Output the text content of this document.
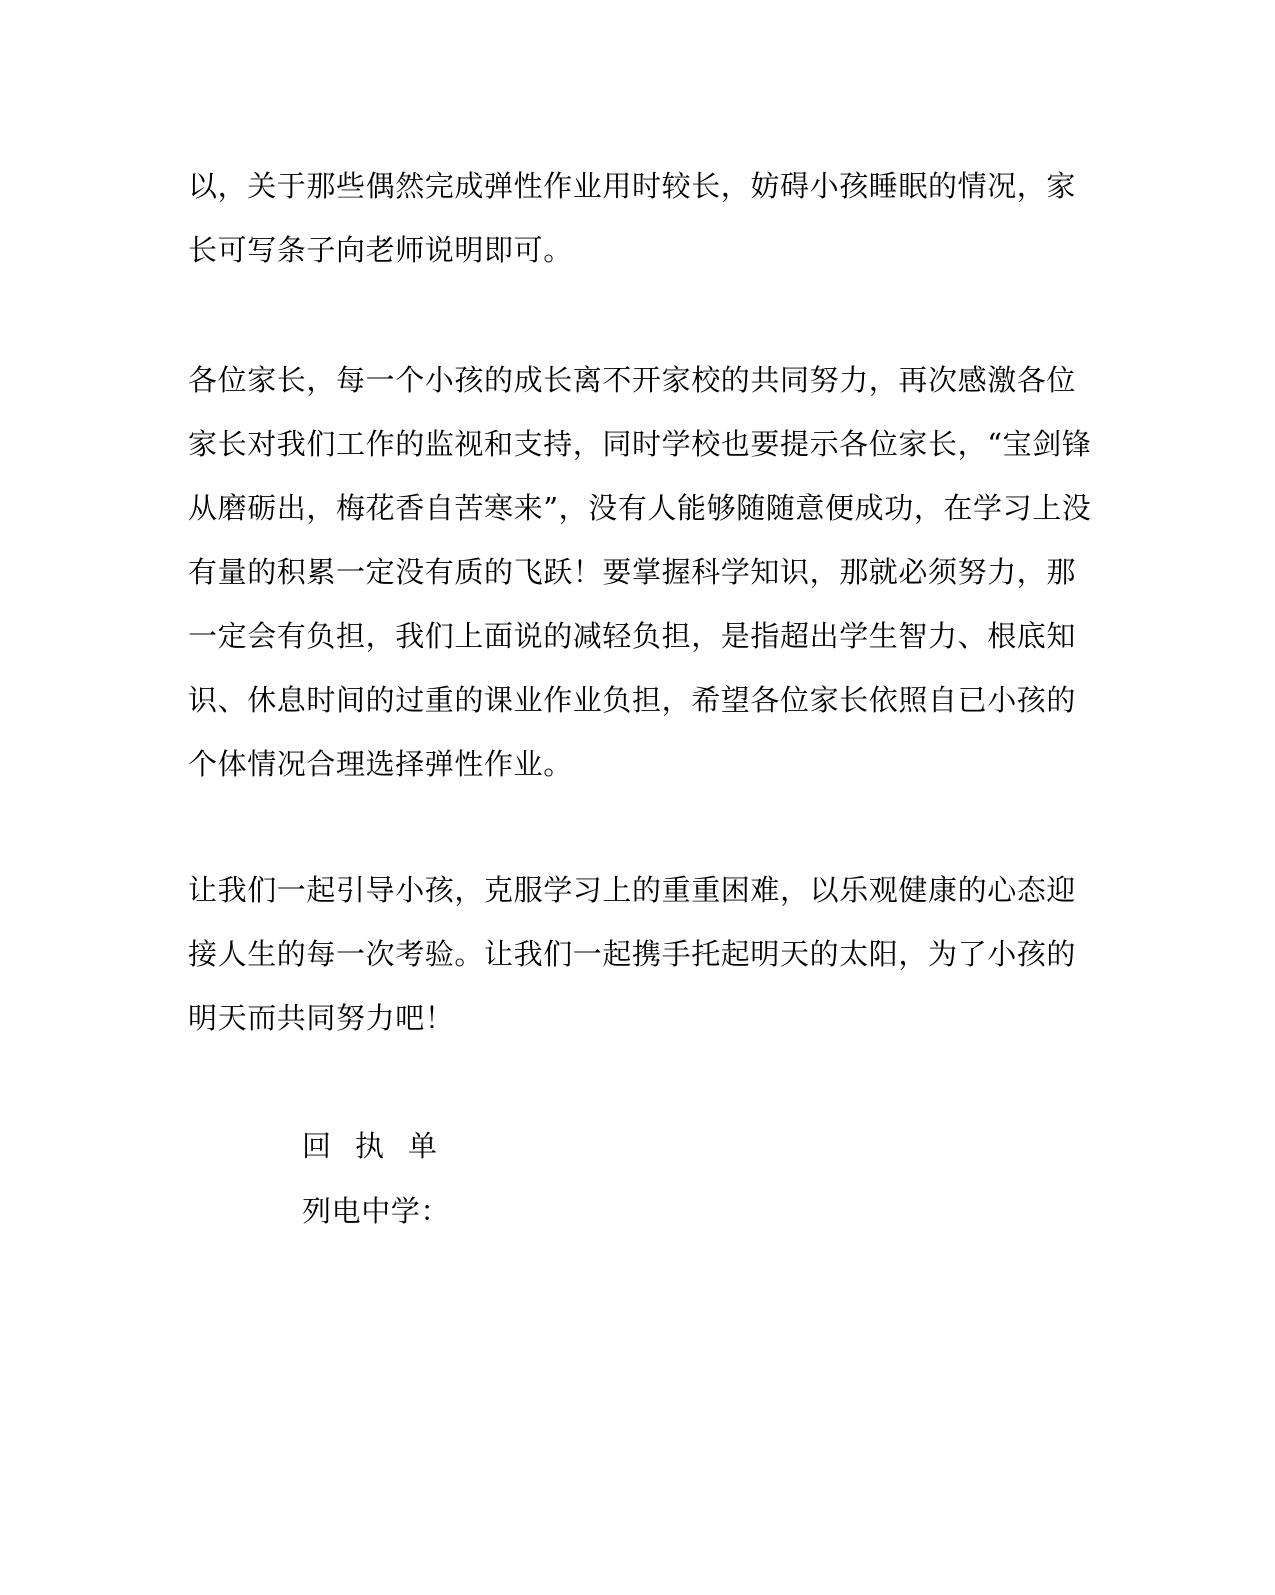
以，关于那些偶然完成弹性作业用时较长，妨碍小孩睡眠的情况，家
长可写条子向老师说明即可。
各位家长，每一个小孩的成长离不开家校的共同努力，再次感激各位
家长对我们工作的监视和支持，同时学校也要提示各位家长，“宝剑锋
从磨砺出，梅花香自苦寒来”，没有人能够随随意便成功，在学习上没
有量的积累一定没有质的飞跃！要掌握科学知识，那就必须努力，那
一定会有负担，我们上面说的减轻负担，是指超出学生智力、根底知
识、休息时间的过重的课业作业负担，希望各位家长依照自已小孩的
个体情况合理选择弹性作业。
让我们一起引导小孩，克服学习上的重重困难，以乐观健康的心态迎
接人生的每一次考验。让我们一起携手托起明天的太阳，为了小孩的
明天而共同努力吧！
回执单
列电中学：
